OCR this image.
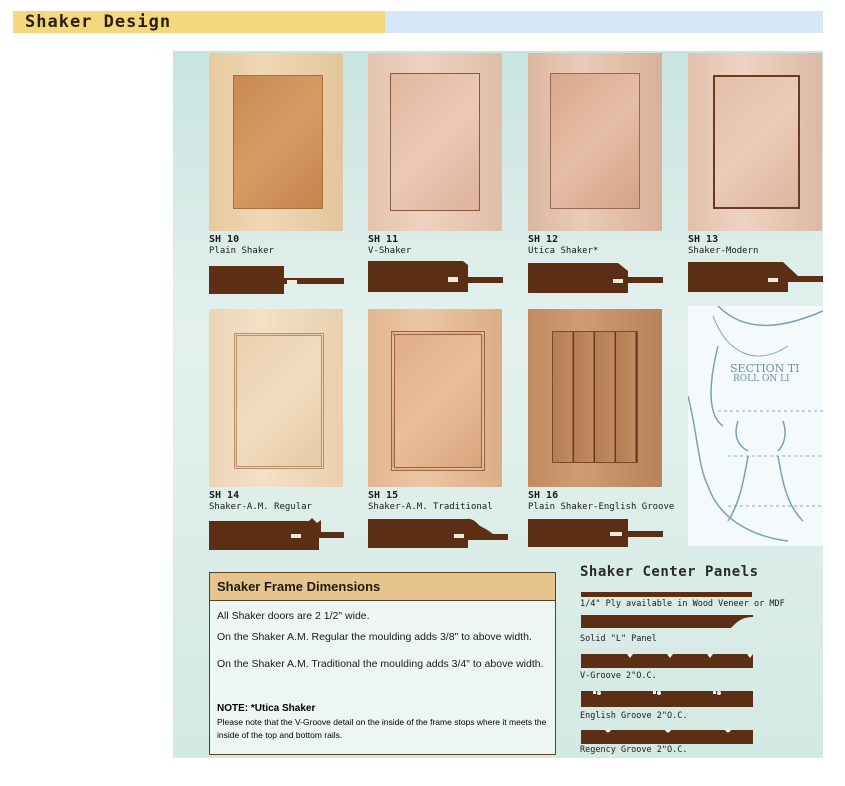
Shaker Design
SH 10
Plain Shaker
SH 11
V-Shaker
SH 12
Utica Shaker*
SH 13
Shaker-Modern
SECTION TI
ROLL ON LI
SH 14
Shaker-A.M. Regular
SH 15
Shaker-A.M. Traditional
SH 16
Plain Shaker-English Groove
Shaker Frame Dimensions
All Shaker doors are 2 1/2" wide.
On the Shaker A.M. Regular the moulding adds 3/8" to above width.
On the Shaker A.M. Traditional the moulding adds 3/4" to above width.
NOTE: *Utica Shaker
Please note that the V-Groove detail on the inside of the frame stops where it meets the inside of the top and bottom rails.
Shaker Center Panels
1/4" Ply available in Wood Veneer or MDF
Solid "L" Panel
V-Groove 2"O.C.
English Groove 2"O.C.
Regency Groove 2"O.C.
